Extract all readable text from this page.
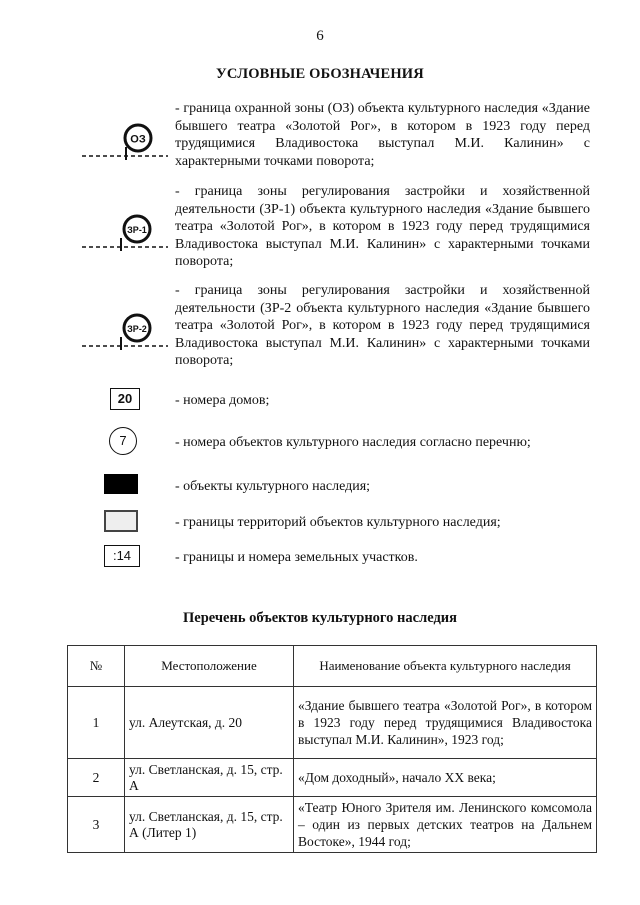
6
УСЛОВНЫЕ ОБОЗНАЧЕНИЯ
ОЗ
- граница охранной зоны (ОЗ) объекта культурного наследия «Здание бывшего театра «Золотой Рог», в котором в 1923 году перед трудящимися Владивостока выступал М.И. Калинин» с характерными точками поворота;
ЗР-1
- граница зоны регулирования застройки и хозяйственной деятельности (ЗР-1) объекта культурного наследия «Здание бывшего театра «Золотой Рог», в котором в 1923 году перед трудящимися Владивостока выступал М.И. Калинин» с характерными точками поворота;
ЗР-2
- граница зоны регулирования застройки и хозяйственной деятельности (ЗР-2 объекта культурного наследия «Здание бывшего театра «Золотой Рог», в котором в 1923 году перед трудящимися Владивостока выступал М.И. Калинин» с характерными точками поворота;
20	- номера домов;
7	- номера объектов культурного наследия согласно перечню;
- объекты культурного наследия;
- границы территорий объектов культурного наследия;
:14	- границы и номера земельных участков.
Перечень объектов культурного наследия
№	Местоположение	Наименование объекта культурного наследия
1	ул. Алеутская, д. 20	«Здание бывшего театра «Золотой Рог», в котором в 1923 году перед трудящимися Владивостока выступал М.И. Калинин», 1923 год;
2	ул. Светланская, д. 15, стр. А	«Дом доходный», начало XX века;
3	ул. Светланская, д. 15, стр. А (Литер 1)	«Театр Юного Зрителя им. Ленинского комсомола – один из первых детских театров на Дальнем Востоке», 1944 год;
